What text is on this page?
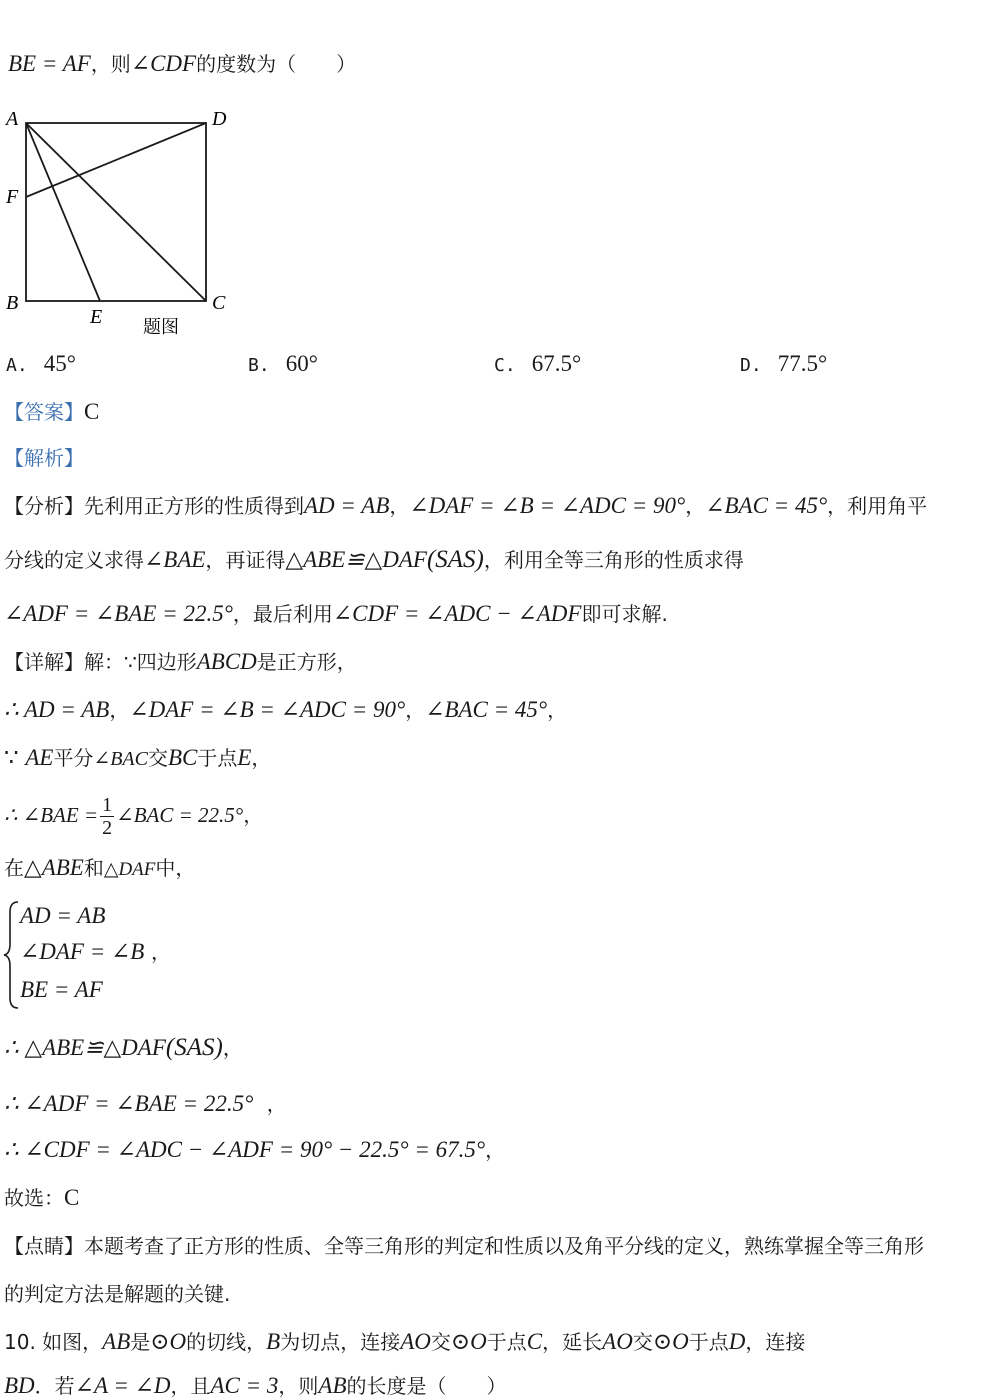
BE = AF，则∠CDF的度数为（　　）
A	D
F
B
E
C
题图
A. 45°	B. 60°	C. 67.5°	D. 77.5°
【答案】C
【解析】
【分析】先利用正方形的性质得到AD = AB，∠DAF = ∠B = ∠ADC = 90°，∠BAC = 45°，利用角平
分线的定义求得∠BAE，再证得△ABE≌△DAF(SAS)，利用全等三角形的性质求得
∠ADF = ∠BAE = 22.5°，最后利用∠CDF = ∠ADC − ∠ADF即可求解.
【详解】解：∵四边形ABCD是正方形，
∴ AD = AB，∠DAF = ∠B = ∠ADC = 90°，∠BAC = 45°，
∵ AE平分∠BAC交BC于点E，
∴ ∠BAE = $\frac{1}{2}$ ∠BAC = 22.5°，
在△ABE和△DAF中，
AD = AB
∠DAF = ∠B ，
BE = AF
∴ △ABE≌△DAF(SAS)，
∴ ∠ADF = ∠BAE = 22.5° ，
∴ ∠CDF = ∠ADC − ∠ADF = 90° − 22.5° = 67.5°，
故选：C
【点睛】本题考查了正方形的性质、全等三角形的判定和性质以及角平分线的定义，熟练掌握全等三角形
的判定方法是解题的关键.
10. 如图，AB是⊙O的切线，B为切点，连接AO交⊙O于点C，延长AO交⊙O于点D，连接
BD．若∠A = ∠D，且AC = 3，则AB的长度是（　　）
